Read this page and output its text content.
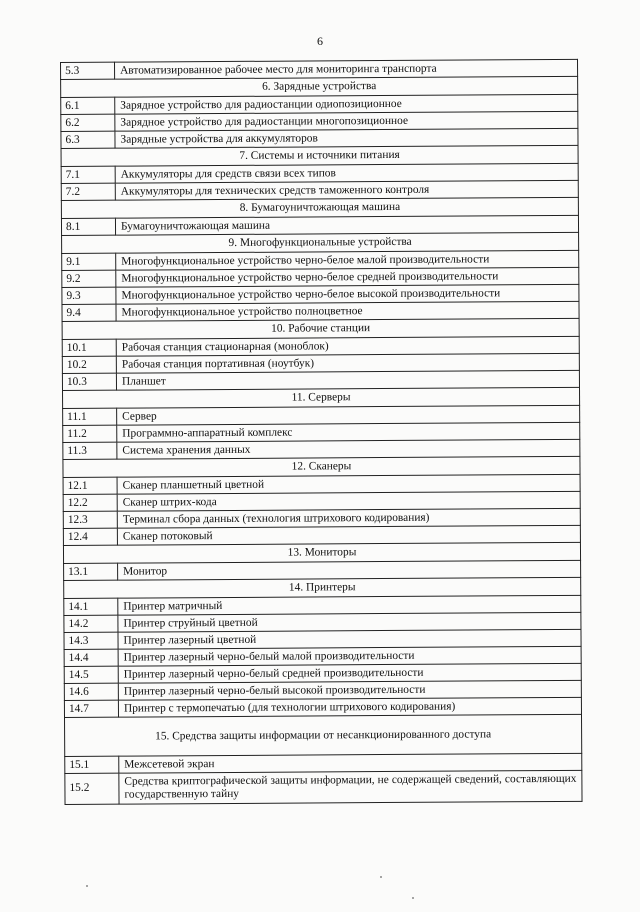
6
5.3	Автоматизированное рабочее место для мониторинга транспорта
6. Зарядные устройства	
6.1	Зарядное устройство для радиостанции одиопозиционное
6.2	Зарядное устройство для радиостанции многопозиционное
6.3	Зарядные устройства для аккумуляторов
7. Системы и источники питания	
7.1	Аккумуляторы для средств связи всех типов
7.2	Аккумуляторы для технических средств таможенного контроля
8. Бумагоуничтожающая машина	
8.1	Бумагоуничтожающая машина
9. Многофункциональные устройства	
9.1	Многофункциональное устройство черно-белое малой производительности
9.2	Многофункциональное устройство черно-белое средней производительности
9.3	Многофункциональное устройство черно-белое высокой производительности
9.4	Многофункциональное устройство полноцветное
10. Рабочие станции	
10.1	Рабочая станция стационарная (моноблок)
10.2	Рабочая станция портативная (ноутбук)
10.3	Планшет
11. Серверы	
11.1	Сервер
11.2	Программно-аппаратный комплекс
11.3	Система хранения данных
12. Сканеры	
12.1	Сканер планшетный цветной
12.2	Сканер штрих-кода
12.3	Терминал сбора данных (технология штрихового кодирования)
12.4	Сканер потоковый
13. Мониторы	
13.1	Монитор
14. Принтеры	
14.1	Принтер матричный
14.2	Принтер струйный цветной
14.3	Принтер лазерный цветной
14.4	Принтер лазерный черно-белый малой производительности
14.5	Принтер лазерный черно-белый средней производительности
14.6	Принтер лазерный черно-белый высокой производительности
14.7	Принтер с термопечатью (для технологии штрихового кодирования)
15. Средства защиты информации от несанкционированного доступа	
15.1	Межсетевой экран
15.2	Средства криптографической защиты информации, не содержащей сведений, составляющих государственную тайну
